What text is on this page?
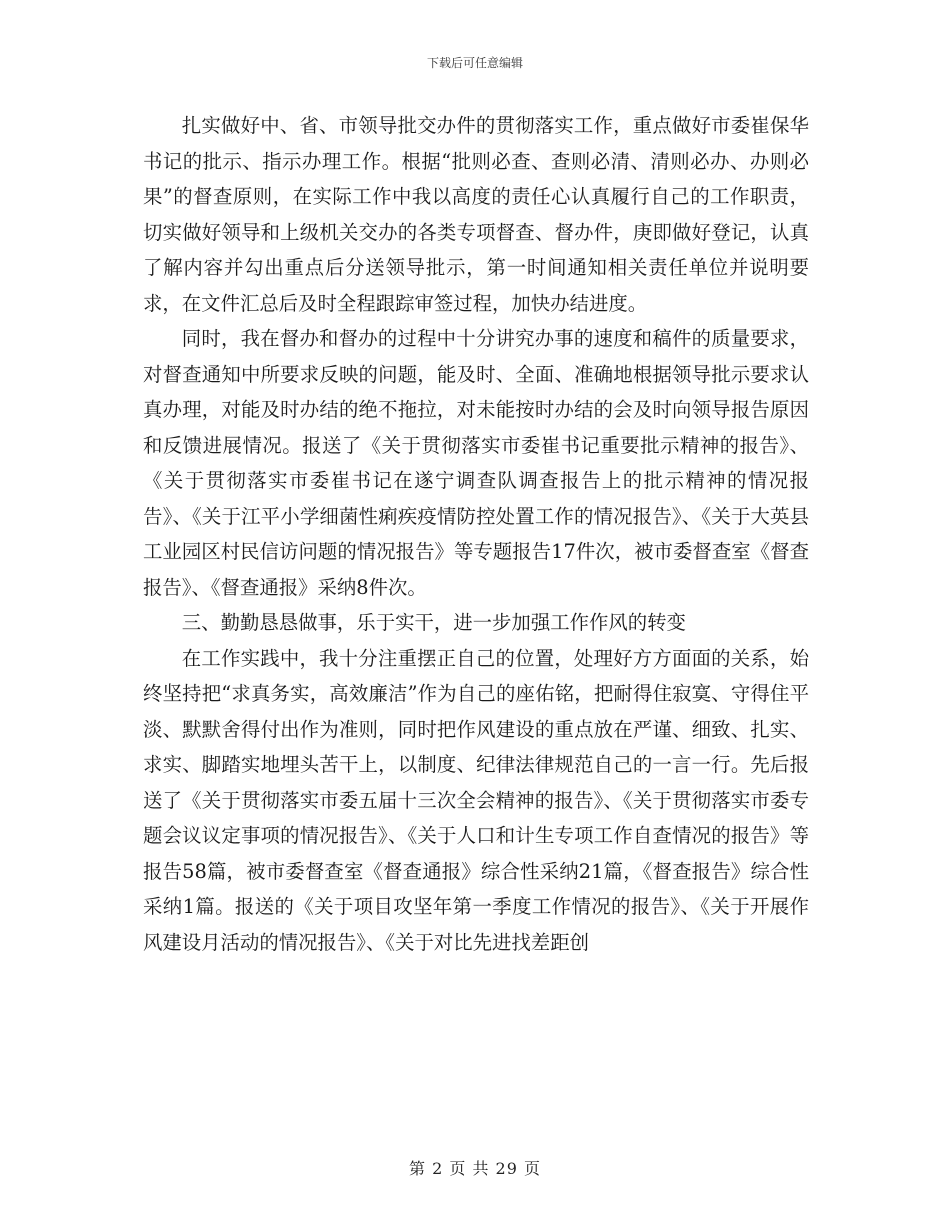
下载后可任意编辑

扎实做好中、省、市领导批交办件的贯彻落实工作，重点做好市委崔保华书记的批示、指示办理工作。根据“批则必查、查则必清、清则必办、办则必果”的督查原则，在实际工作中我以高度的责任心认真履行自己的工作职责，切实做好领导和上级机关交办的各类专项督查、督办件，庚即做好登记，认真了解内容并勾出重点后分送领导批示，第一时间通知相关责任单位并说明要求，在文件汇总后及时全程跟踪审签过程，加快办结进度。

同时，我在督办和督办的过程中十分讲究办事的速度和稿件的质量要求，对督查通知中所要求反映的问题，能及时、全面、准确地根据领导批示要求认真办理，对能及时办结的绝不拖拉，对未能按时办结的会及时向领导报告原因和反馈进展情况。报送了《关于贯彻落实市委崔书记重要批示精神的报告》、《关于贯彻落实市委崔书记在遂宁调查队调查报告上的批示精神的情况报告》、《关于江平小学细菌性痢疾疫情防控处置工作的情况报告》、《关于大英县工业园区村民信访问题的情况报告》等专题报告17件次，被市委督查室《督查报告》、《督查通报》采纳8件次。

三、勤勤恳恳做事，乐于实干，进一步加强工作作风的转变

在工作实践中，我十分注重摆正自己的位置，处理好方方面面的关系，始终坚持把“求真务实，高效廉洁”作为自己的座佑铭，把耐得住寂寞、守得住平淡、默默舍得付出作为准则，同时把作风建设的重点放在严谨、细致、扎实、求实、脚踏实地埋头苦干上，以制度、纪律法律规范自己的一言一行。先后报送了《关于贯彻落实市委五届十三次全会精神的报告》、《关于贯彻落实市委专题会议议定事项的情况报告》、《关于人口和计生专项工作自查情况的报告》等报告58篇，被市委督查室《督查通报》综合性采纳21篇，《督查报告》综合性采纳1篇。报送的《关于项目攻坚年第一季度工作情况的报告》、《关于开展作风建设月活动的情况报告》、《关于对比先进找差距创

第 2 页 共 29 页
